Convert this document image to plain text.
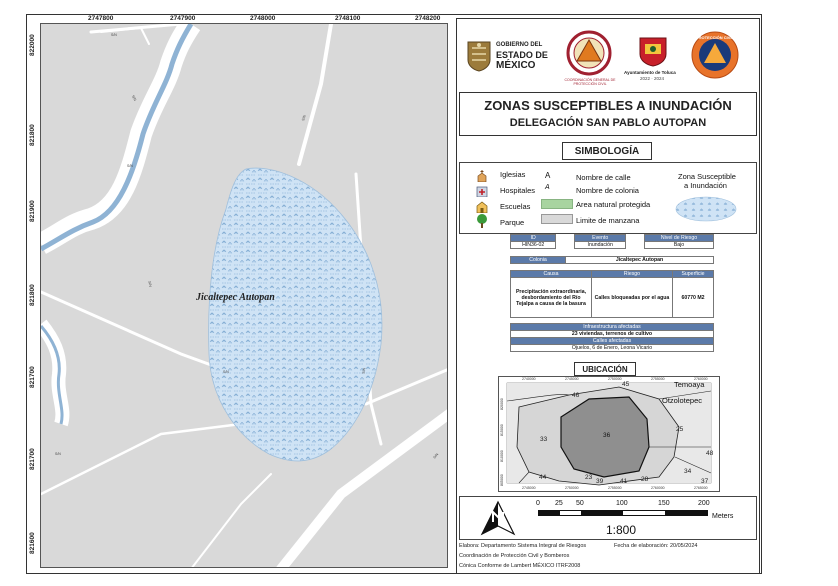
2747800	2747900	2748000	2748100	2748200
822000
821800
821900
821800
821700
821700
821600
Jicaltepec Autopan
S/N
S/N
S/N
S/N
S/N
S/N	S/N
S/N
S/N
GOBIERNO DEL
ESTADO DE
MÉXICO
COORDINACIÓN GENERAL DE PROTECCIÓN CIVIL
Ayuntamiento de Toluca
2022 · 2024
PROTECCIÓN CIVIL
ZONAS SUSCEPTIBLES A INUNDACIÓN
DELEGACIÓN SAN PABLO AUTOPAN
SIMBOLOGÍA
Iglesias
Hospitales
Escuelas
Parque
A	Nombre de calle
A	Nombre de colonia
Area natural protegida
Limite de manzana
Zona Susceptible
a Inundación
ID		Evento		Nivel de Riesgo
HIN36-02		Inundación		Bajo
Colonia	Jicaltepec Autopan
Causa	Riesgo	Superficie
Precipitación extraordinaria, desbordamiento del Río Tejalpa a causa de la basura	Calles bloqueadas por el agua	60770 M2
Infraestructura afectadas
23 viviendas, terrenos de cultivo
Calles afectadas
Ojuelos, 6 de Enero, Leona Vicario
UBICACIÓN
2740000	2745000	2750000	2755000	2760000
2745000	2750000	2755000	2760000	2765000
820000
815000
810000
805000
Temoaya
Otzolotepec
45
46
36
33
25
48
44	23
39	41 28
34
37
0 25 50	100	150	200
Meters
1:800
Elabora: Departamento Sistema Integral de Riesgos	Fecha de elaboración: 20/05/2024
Coordinación de Protección Civil y Bomberos
Cónica Conforme de Lambert MÉXICO ITRF2008
